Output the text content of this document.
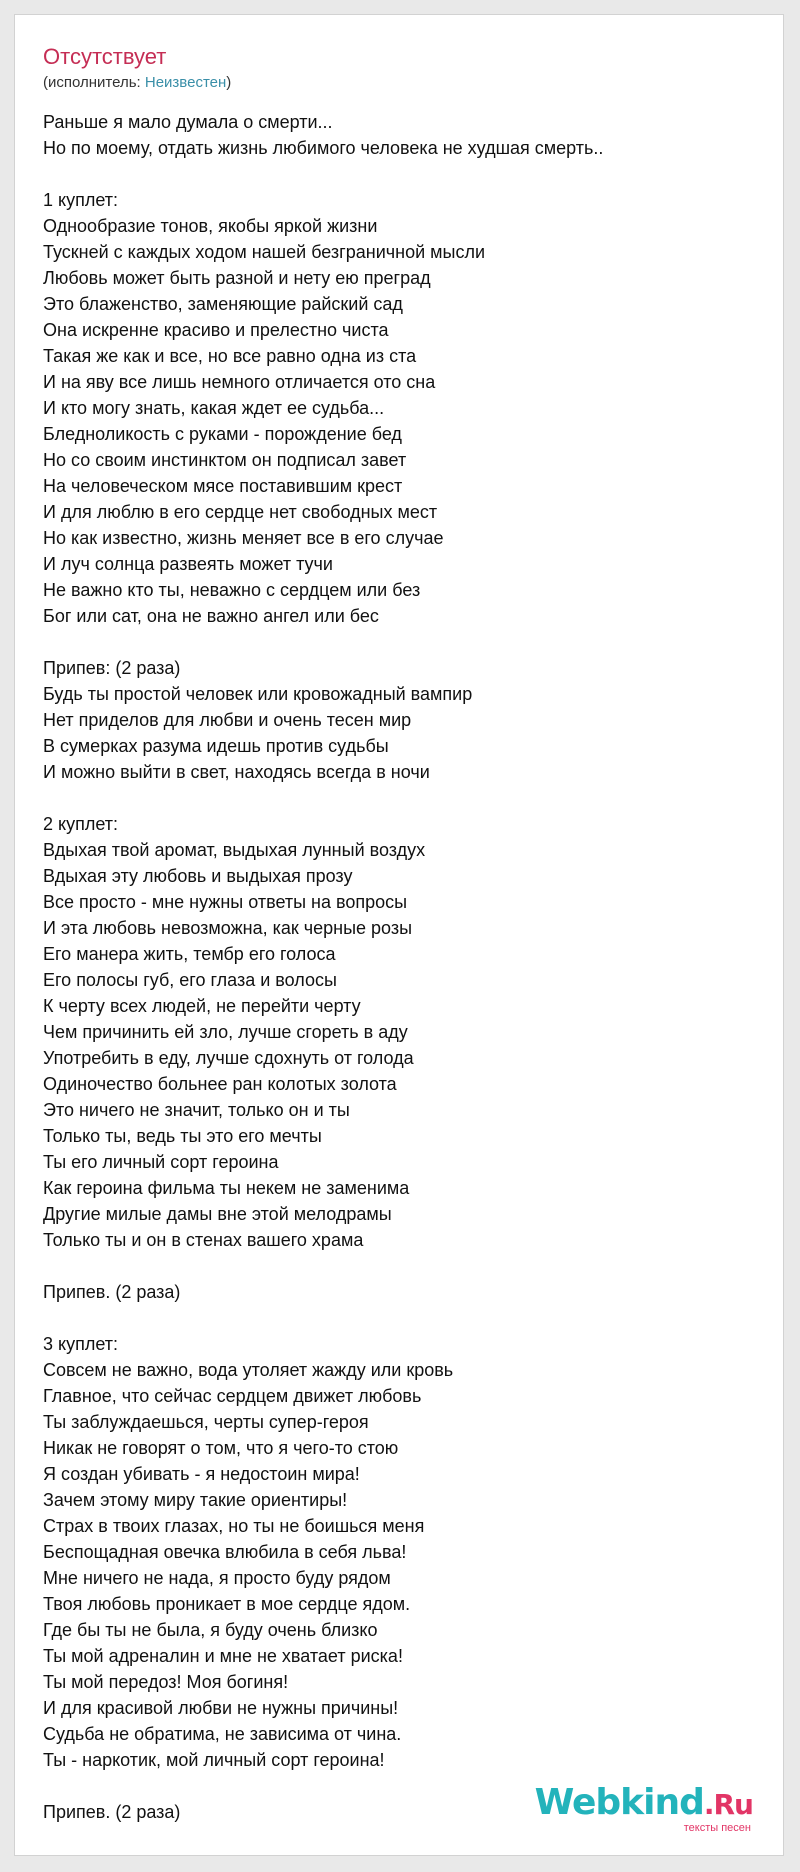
Отсутствует
(исполнитель: Неизвестен)
Раньше я мало думала о смерти...
Но по моему, отдать жизнь любимого человека не худшая смерть..
1 куплет:
Однообразие тонов, якобы яркой жизни
Тускней с каждых ходом нашей безграничной мысли
Любовь может быть разной и нету ею преград
Это блаженство, заменяющие райский сад
Она искренне красиво и прелестно чиста
Такая же как и все, но все равно одна из ста
И на яву все лишь немного отличается ото сна
И кто могу знать, какая ждет ее судьба...
Бледноликость с руками - порождение бед
Но со своим инстинктом он подписал завет
На человеческом мясе поставившим крест
И для люблю в его сердце нет свободных мест
Но как известно, жизнь меняет все в его случае
И луч солнца развеять может тучи
Не важно кто ты, неважно с сердцем или без
Бог или сат, она не важно ангел или бес
Припев: (2 раза)
Будь ты простой человек или кровожадный вампир
Нет приделов для любви и очень тесен мир
В сумерках разума идешь против судьбы
И можно выйти в свет, находясь всегда в ночи
2 куплет:
Вдыхая твой аромат, выдыхая лунный воздух
Вдыхая эту любовь и выдыхая прозу
Все просто - мне нужны ответы на вопросы
И эта любовь невозможна, как черные розы
Его манера жить, тембр его голоса
Его полосы губ, его глаза и волосы
К черту всех людей, не перейти черту
Чем причинить ей зло, лучше сгореть в аду
Употребить в еду, лучше сдохнуть от голода
Одиночество больнее ран колотых золота
Это ничего не значит, только он и ты
Только ты, ведь ты это его мечты
Ты его личный сорт героина
Как героина фильма ты некем не заменима
Другие милые дамы вне этой мелодрамы
Только ты и он в стенах вашего храма
Припев. (2 раза)
3 куплет:
Совсем не важно, вода утоляет жажду или кровь
Главное, что сейчас сердцем движет любовь
Ты заблуждаешься, черты супер-героя
Никак не говорят о том, что я чего-то стою
Я создан убивать - я недостоин мира!
Зачем этому миру такие ориентиры!
Страх в твоих глазах, но ты не боишься меня
Беспощадная овечка влюбила в себя льва!
Мне ничего не нада, я просто буду рядом
Твоя любовь проникает в мое сердце ядом.
Где бы ты не была, я буду очень близко
Ты мой адреналин и мне не хватает риска!
Ты мой передоз! Моя богиня!
И для красивой любви не нужны причины!
Судьба не обратима, не зависима от чина.
Ты - наркотик, мой личный сорт героина!
Припев. (2 раза)	Webkind.Ru
тексты песен
